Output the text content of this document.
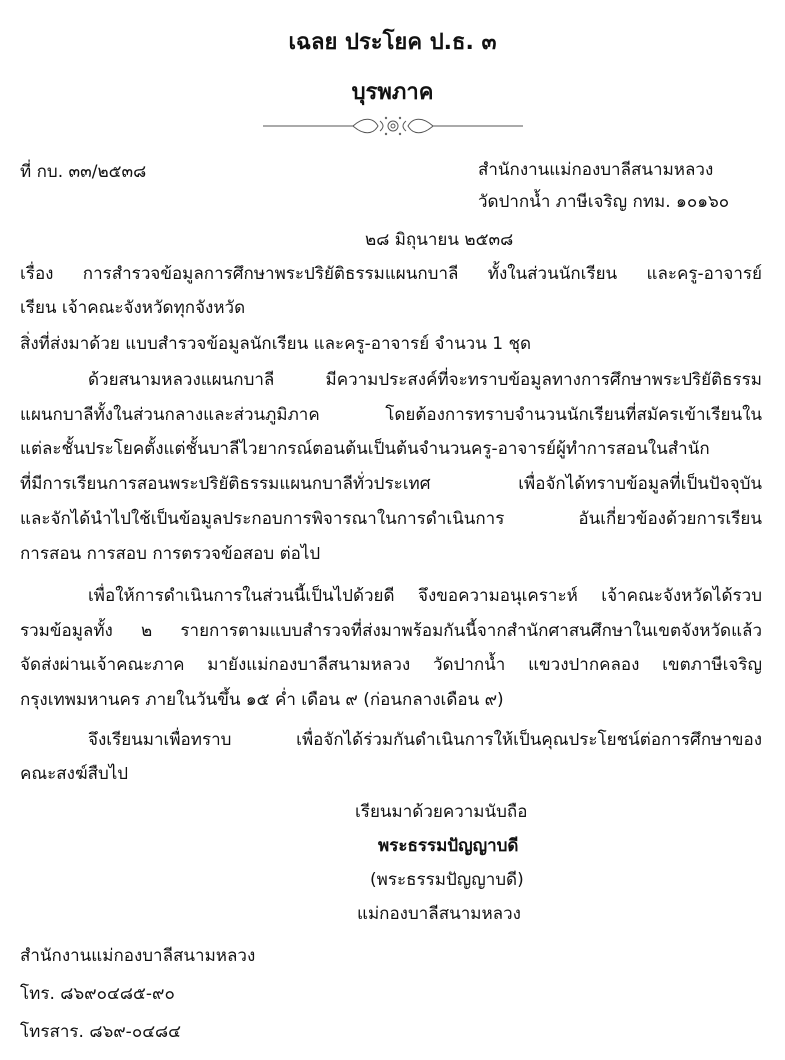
เฉลย ประโยค ป.ธ. ๓
บุรพภาค
ที่ กบ. ๓๓/๒๕๓๘	สำนักงานแม่กองบาลีสนามหลวง
วัดปากน้ำ ภาษีเจริญ กทม. ๑๐๑๖๐
๒๘ มิถุนายน ๒๕๓๘
เรื่อง การสำรวจข้อมูลการศึกษาพระปริยัติธรรมแผนกบาลี ทั้งในส่วนนักเรียน และครู-อาจารย์
เรียน เจ้าคณะจังหวัดทุกจังหวัด
สิ่งที่ส่งมาด้วย แบบสำรวจข้อมูลนักเรียน และครู-อาจารย์ จำนวน 1 ชุด
ด้วยสนามหลวงแผนกบาลี มีความประสงค์ที่จะทราบข้อมูลทางการศึกษาพระปริยัติธรรม
แผนกบาลีทั้งในส่วนกลางและส่วนภูมิภาค โดยต้องการทราบจำนวนนักเรียนที่สมัครเข้าเรียนใน
แต่ละชั้นประโยคตั้งแต่ชั้นบาลีไวยากรณ์ตอนต้นเป็นต้นจำนวนครู-อาจารย์ผู้ทำการสอนในสำนัก
ที่มีการเรียนการสอนพระปริยัติธรรมแผนกบาลีทั่วประเทศ เพื่อจักได้ทราบข้อมูลที่เป็นปัจจุบัน
และจักได้นำไปใช้เป็นข้อมูลประกอบการพิจารณาในการดำเนินการ อันเกี่ยวข้องด้วยการเรียน
การสอน การสอบ การตรวจข้อสอบ ต่อไป
เพื่อให้การดำเนินการในส่วนนี้เป็นไปด้วยดี จึงขอความอนุเคราะห์ เจ้าคณะจังหวัดได้รวบ
รวมข้อมูลทั้ง ๒ รายการตามแบบสำรวจที่ส่งมาพร้อมกันนี้จากสำนักศาสนศึกษาในเขตจังหวัดแล้ว
จัดส่งผ่านเจ้าคณะภาค มายังแม่กองบาลีสนามหลวง วัดปากน้ำ แขวงปากคลอง เขตภาษีเจริญ
กรุงเทพมหานคร ภายในวันขึ้น ๑๕ ค่ำ เดือน ๙ (ก่อนกลางเดือน ๙)
จึงเรียนมาเพื่อทราบ เพื่อจักได้ร่วมกันดำเนินการให้เป็นคุณประโยชน์ต่อการศึกษาของ
คณะสงฆ์สืบไป
เรียนมาด้วยความนับถือ
พระธรรมปัญญาบดี
(พระธรรมปัญญาบดี)
แม่กองบาลีสนามหลวง
สำนักงานแม่กองบาลีสนามหลวง
โทร. ๘๖๙๐๔๘๕-๙๐
โทรสาร. ๘๖๙-๐๔๘๔
